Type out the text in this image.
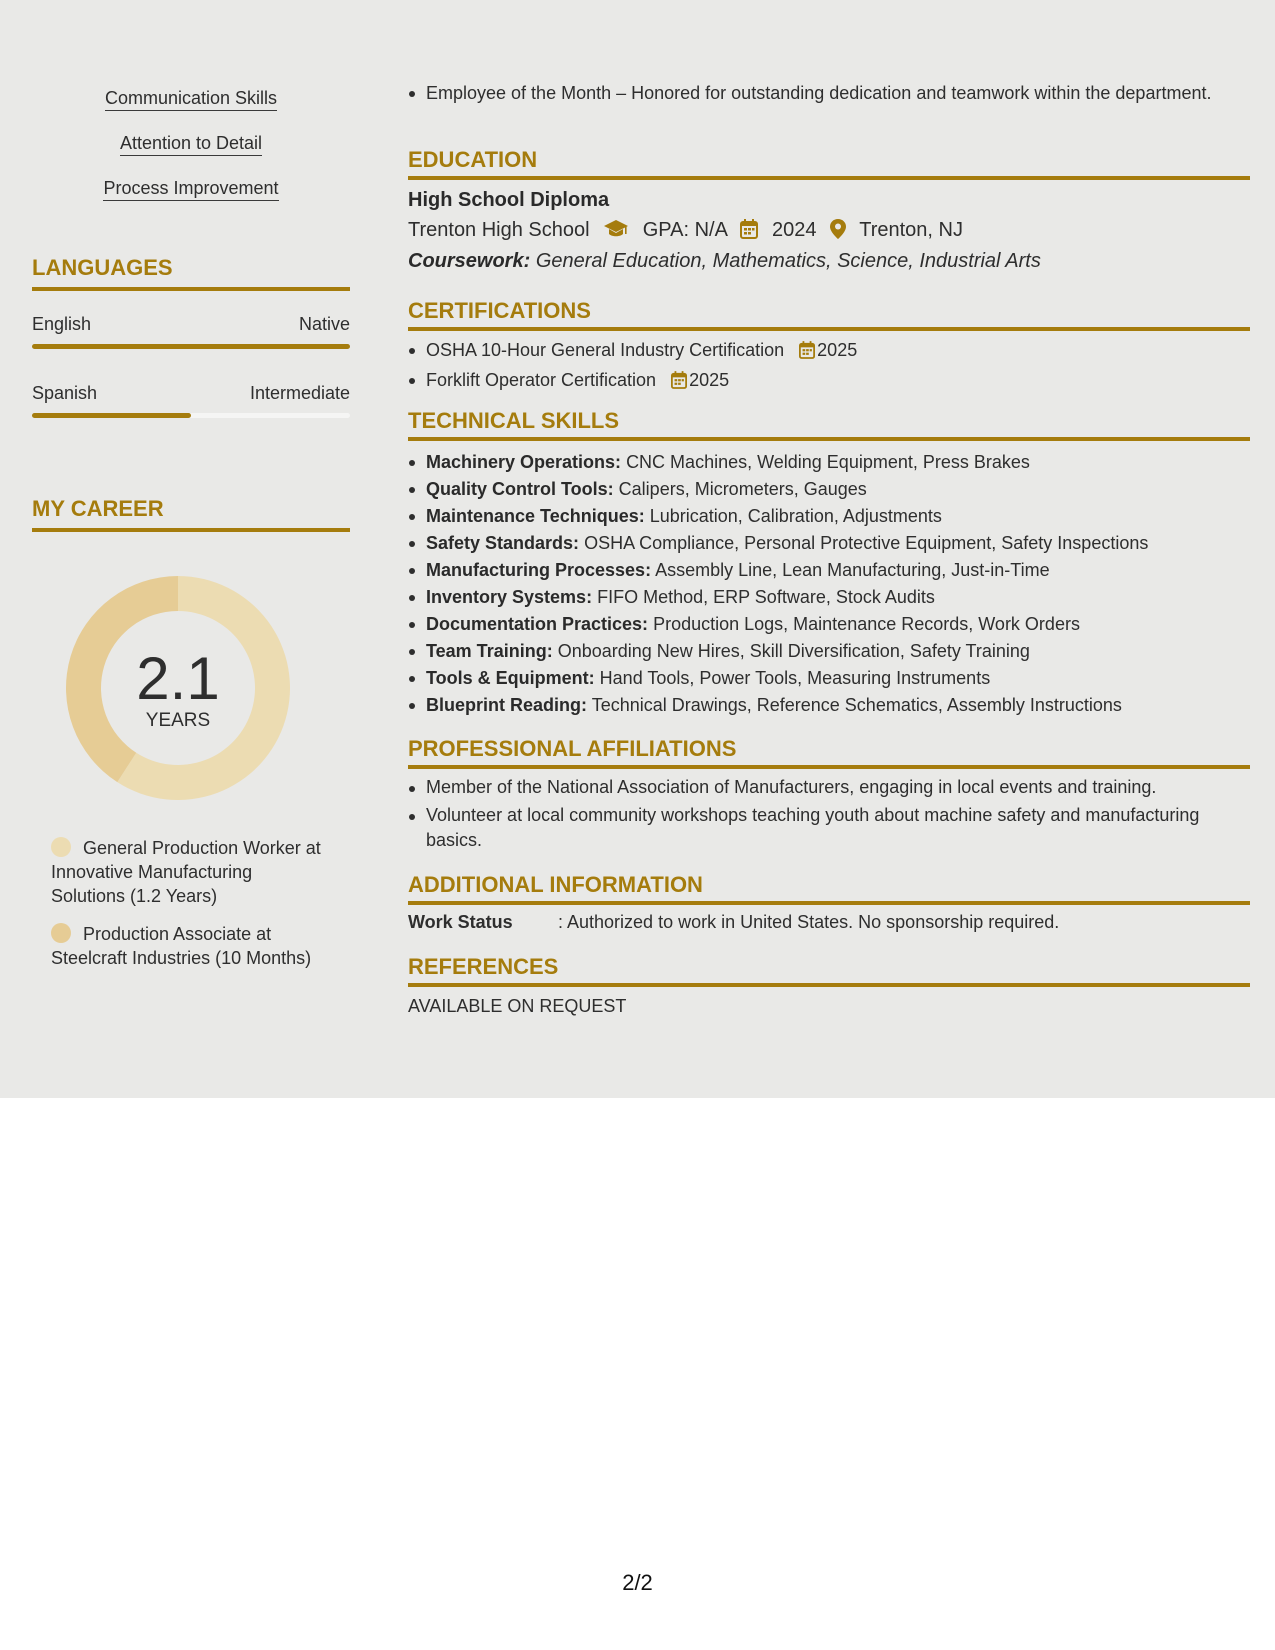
Communication Skills
Attention to Detail
Process Improvement
LANGUAGES
English	Native
Spanish	Intermediate
MY CAREER
2.1
YEARS
General Production Worker at Innovative Manufacturing Solutions (1.2 Years)
Production Associate at Steelcraft Industries (10 Months)
Employee of the Month – Honored for outstanding dedication and teamwork within the department.
EDUCATION
High School Diploma
Trenton High School	GPA: N/A 2024 Trenton, NJ
Coursework: General Education, Mathematics, Science, Industrial Arts
CERTIFICATIONS
OSHA 10-Hour General Industry Certification 2025
Forklift Operator Certification 2025
TECHNICAL SKILLS
Machinery Operations: CNC Machines, Welding Equipment, Press Brakes
Quality Control Tools: Calipers, Micrometers, Gauges
Maintenance Techniques: Lubrication, Calibration, Adjustments
Safety Standards: OSHA Compliance, Personal Protective Equipment, Safety Inspections
Manufacturing Processes: Assembly Line, Lean Manufacturing, Just-in-Time
Inventory Systems: FIFO Method, ERP Software, Stock Audits
Documentation Practices: Production Logs, Maintenance Records, Work Orders
Team Training: Onboarding New Hires, Skill Diversification, Safety Training
Tools & Equipment: Hand Tools, Power Tools, Measuring Instruments
Blueprint Reading: Technical Drawings, Reference Schematics, Assembly Instructions
PROFESSIONAL AFFILIATIONS
Member of the National Association of Manufacturers, engaging in local events and training.
Volunteer at local community workshops teaching youth about machine safety and manufacturing basics.
ADDITIONAL INFORMATION
Work Status	: Authorized to work in United States. No sponsorship required.
REFERENCES
AVAILABLE ON REQUEST
2/2
